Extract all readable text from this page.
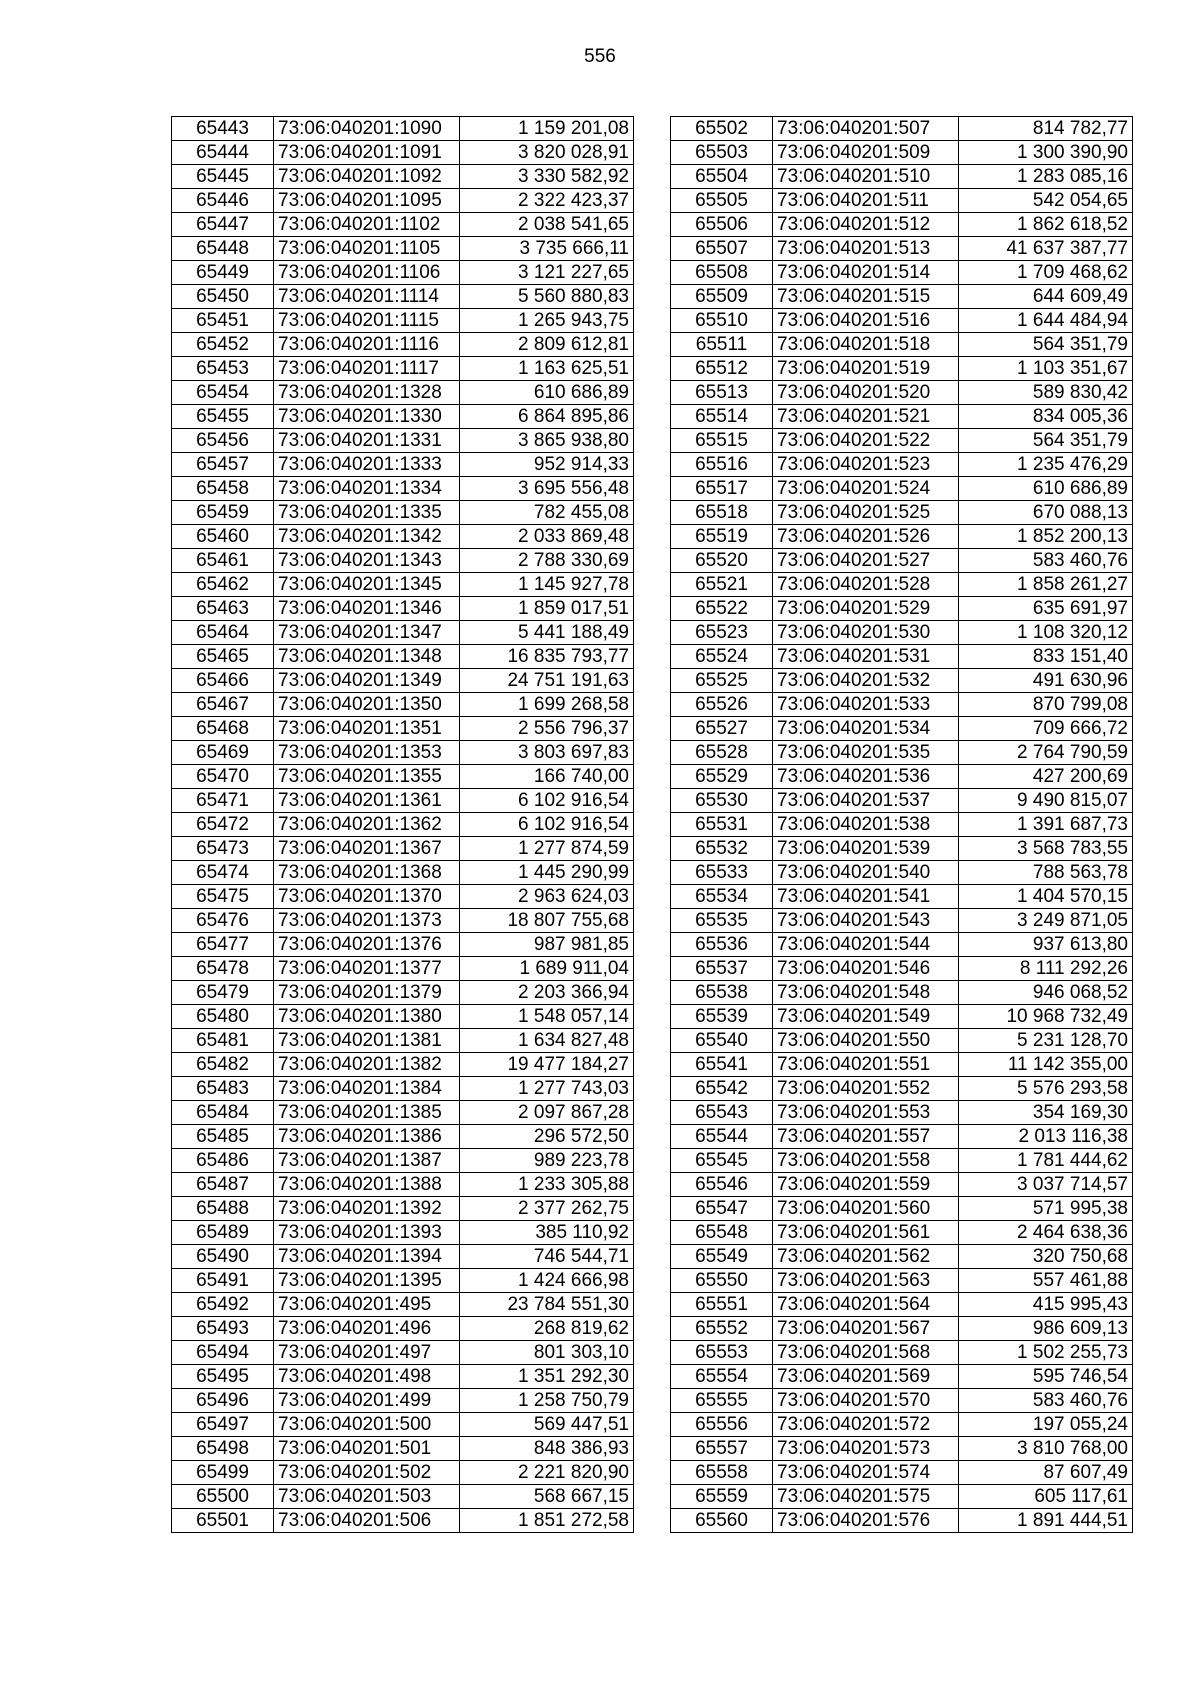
556
65443	73:06:040201:1090	1 159 201,08
65444	73:06:040201:1091	3 820 028,91
65445	73:06:040201:1092	3 330 582,92
65446	73:06:040201:1095	2 322 423,37
65447	73:06:040201:1102	2 038 541,65
65448	73:06:040201:1105	3 735 666,11
65449	73:06:040201:1106	3 121 227,65
65450	73:06:040201:1114	5 560 880,83
65451	73:06:040201:1115	1 265 943,75
65452	73:06:040201:1116	2 809 612,81
65453	73:06:040201:1117	1 163 625,51
65454	73:06:040201:1328	610 686,89
65455	73:06:040201:1330	6 864 895,86
65456	73:06:040201:1331	3 865 938,80
65457	73:06:040201:1333	952 914,33
65458	73:06:040201:1334	3 695 556,48
65459	73:06:040201:1335	782 455,08
65460	73:06:040201:1342	2 033 869,48
65461	73:06:040201:1343	2 788 330,69
65462	73:06:040201:1345	1 145 927,78
65463	73:06:040201:1346	1 859 017,51
65464	73:06:040201:1347	5 441 188,49
65465	73:06:040201:1348	16 835 793,77
65466	73:06:040201:1349	24 751 191,63
65467	73:06:040201:1350	1 699 268,58
65468	73:06:040201:1351	2 556 796,37
65469	73:06:040201:1353	3 803 697,83
65470	73:06:040201:1355	166 740,00
65471	73:06:040201:1361	6 102 916,54
65472	73:06:040201:1362	6 102 916,54
65473	73:06:040201:1367	1 277 874,59
65474	73:06:040201:1368	1 445 290,99
65475	73:06:040201:1370	2 963 624,03
65476	73:06:040201:1373	18 807 755,68
65477	73:06:040201:1376	987 981,85
65478	73:06:040201:1377	1 689 911,04
65479	73:06:040201:1379	2 203 366,94
65480	73:06:040201:1380	1 548 057,14
65481	73:06:040201:1381	1 634 827,48
65482	73:06:040201:1382	19 477 184,27
65483	73:06:040201:1384	1 277 743,03
65484	73:06:040201:1385	2 097 867,28
65485	73:06:040201:1386	296 572,50
65486	73:06:040201:1387	989 223,78
65487	73:06:040201:1388	1 233 305,88
65488	73:06:040201:1392	2 377 262,75
65489	73:06:040201:1393	385 110,92
65490	73:06:040201:1394	746 544,71
65491	73:06:040201:1395	1 424 666,98
65492	73:06:040201:495	23 784 551,30
65493	73:06:040201:496	268 819,62
65494	73:06:040201:497	801 303,10
65495	73:06:040201:498	1 351 292,30
65496	73:06:040201:499	1 258 750,79
65497	73:06:040201:500	569 447,51
65498	73:06:040201:501	848 386,93
65499	73:06:040201:502	2 221 820,90
65500	73:06:040201:503	568 667,15
65501	73:06:040201:506	1 851 272,58
65502	73:06:040201:507	814 782,77
65503	73:06:040201:509	1 300 390,90
65504	73:06:040201:510	1 283 085,16
65505	73:06:040201:511	542 054,65
65506	73:06:040201:512	1 862 618,52
65507	73:06:040201:513	41 637 387,77
65508	73:06:040201:514	1 709 468,62
65509	73:06:040201:515	644 609,49
65510	73:06:040201:516	1 644 484,94
65511	73:06:040201:518	564 351,79
65512	73:06:040201:519	1 103 351,67
65513	73:06:040201:520	589 830,42
65514	73:06:040201:521	834 005,36
65515	73:06:040201:522	564 351,79
65516	73:06:040201:523	1 235 476,29
65517	73:06:040201:524	610 686,89
65518	73:06:040201:525	670 088,13
65519	73:06:040201:526	1 852 200,13
65520	73:06:040201:527	583 460,76
65521	73:06:040201:528	1 858 261,27
65522	73:06:040201:529	635 691,97
65523	73:06:040201:530	1 108 320,12
65524	73:06:040201:531	833 151,40
65525	73:06:040201:532	491 630,96
65526	73:06:040201:533	870 799,08
65527	73:06:040201:534	709 666,72
65528	73:06:040201:535	2 764 790,59
65529	73:06:040201:536	427 200,69
65530	73:06:040201:537	9 490 815,07
65531	73:06:040201:538	1 391 687,73
65532	73:06:040201:539	3 568 783,55
65533	73:06:040201:540	788 563,78
65534	73:06:040201:541	1 404 570,15
65535	73:06:040201:543	3 249 871,05
65536	73:06:040201:544	937 613,80
65537	73:06:040201:546	8 111 292,26
65538	73:06:040201:548	946 068,52
65539	73:06:040201:549	10 968 732,49
65540	73:06:040201:550	5 231 128,70
65541	73:06:040201:551	11 142 355,00
65542	73:06:040201:552	5 576 293,58
65543	73:06:040201:553	354 169,30
65544	73:06:040201:557	2 013 116,38
65545	73:06:040201:558	1 781 444,62
65546	73:06:040201:559	3 037 714,57
65547	73:06:040201:560	571 995,38
65548	73:06:040201:561	2 464 638,36
65549	73:06:040201:562	320 750,68
65550	73:06:040201:563	557 461,88
65551	73:06:040201:564	415 995,43
65552	73:06:040201:567	986 609,13
65553	73:06:040201:568	1 502 255,73
65554	73:06:040201:569	595 746,54
65555	73:06:040201:570	583 460,76
65556	73:06:040201:572	197 055,24
65557	73:06:040201:573	3 810 768,00
65558	73:06:040201:574	87 607,49
65559	73:06:040201:575	605 117,61
65560	73:06:040201:576	1 891 444,51
